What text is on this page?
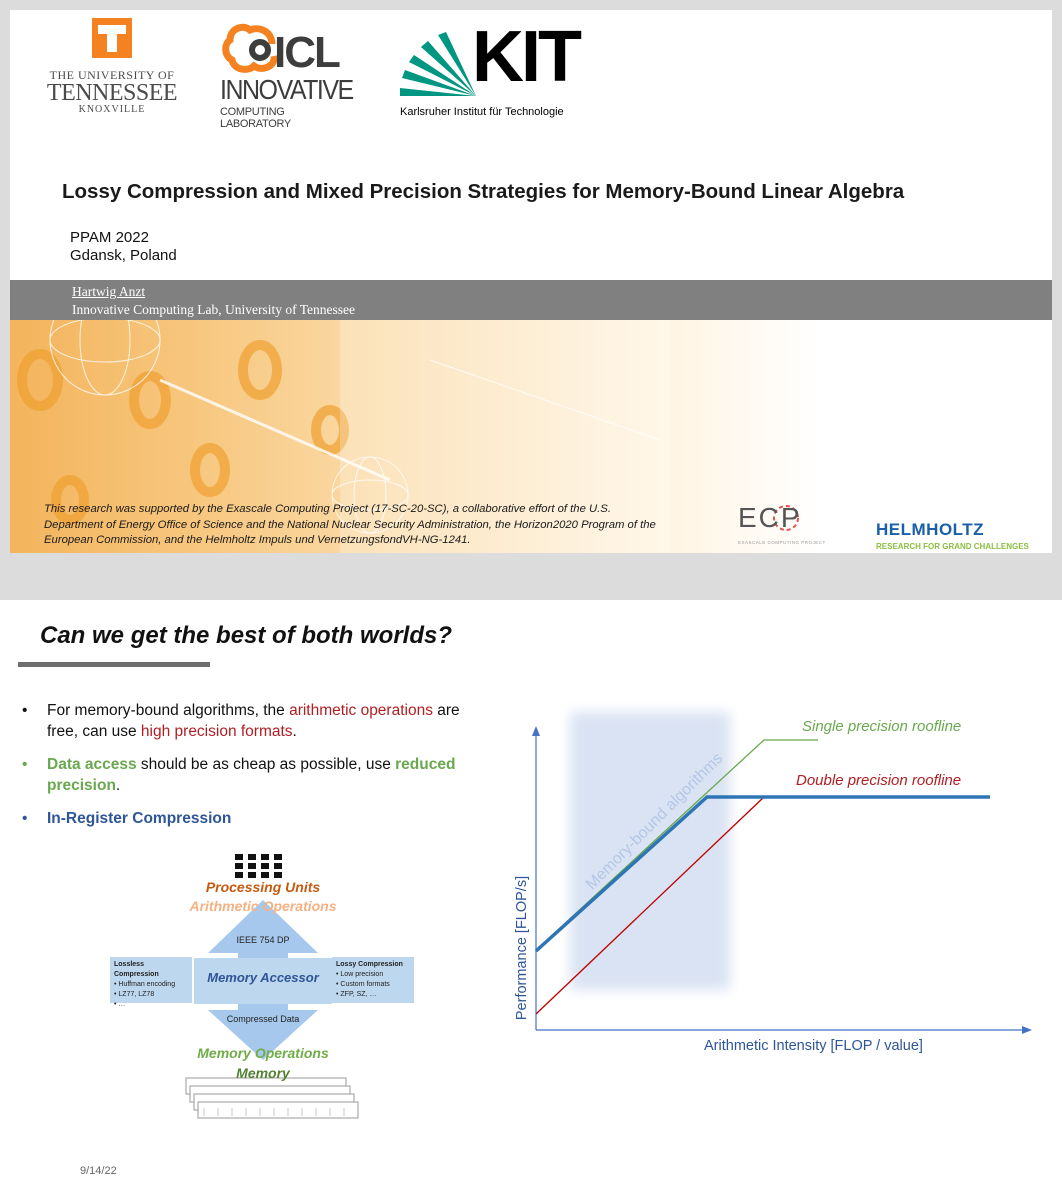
THE UNIVERSITY OF
TENNESSEE
KNOXVILLE
ICL
INNOVATIVE
COMPUTING LABORATORY
KIT
Karlsruher Institut für Technologie
Lossy Compression and Mixed Precision Strategies for Memory-Bound Linear Algebra
PPAM 2022
Gdansk, Poland
Hartwig Anzt
Innovative Computing Lab, University of Tennessee
This research was supported by the Exascale Computing Project (17-SC-20-SC), a collaborative effort of the U.S. Department of Energy Office of Science and the National Nuclear Security Administration, the Horizon2020 Program of the European Commission, and the Helmholtz Impuls und VernetzungsfondVH-NG-1241.
ECP
EXASCALE COMPUTING PROJECT
HELMHOLTZ
RESEARCH FOR GRAND CHALLENGES
Can we get the best of both worlds?
• For memory-bound algorithms, the arithmetic operations are free, can use high precision formats.
• Data access should be as cheap as possible, use reduced precision.
• In-Register Compression
Processing Units
Arithmetic Operations
IEEE 754 DP
Lossless Compression
• Huffman encoding
• LZ77, LZ78
• …
Memory Accessor
Lossy Compression
• Low precision
• Custom formats
• ZFP, SZ, …
Compressed Data
Memory Operations
Memory
Memory-bound algorithms
Single precision roofline
Double precision roofline
Performance [FLOP/s]
Arithmetic Intensity [FLOP / value]
9/14/22
